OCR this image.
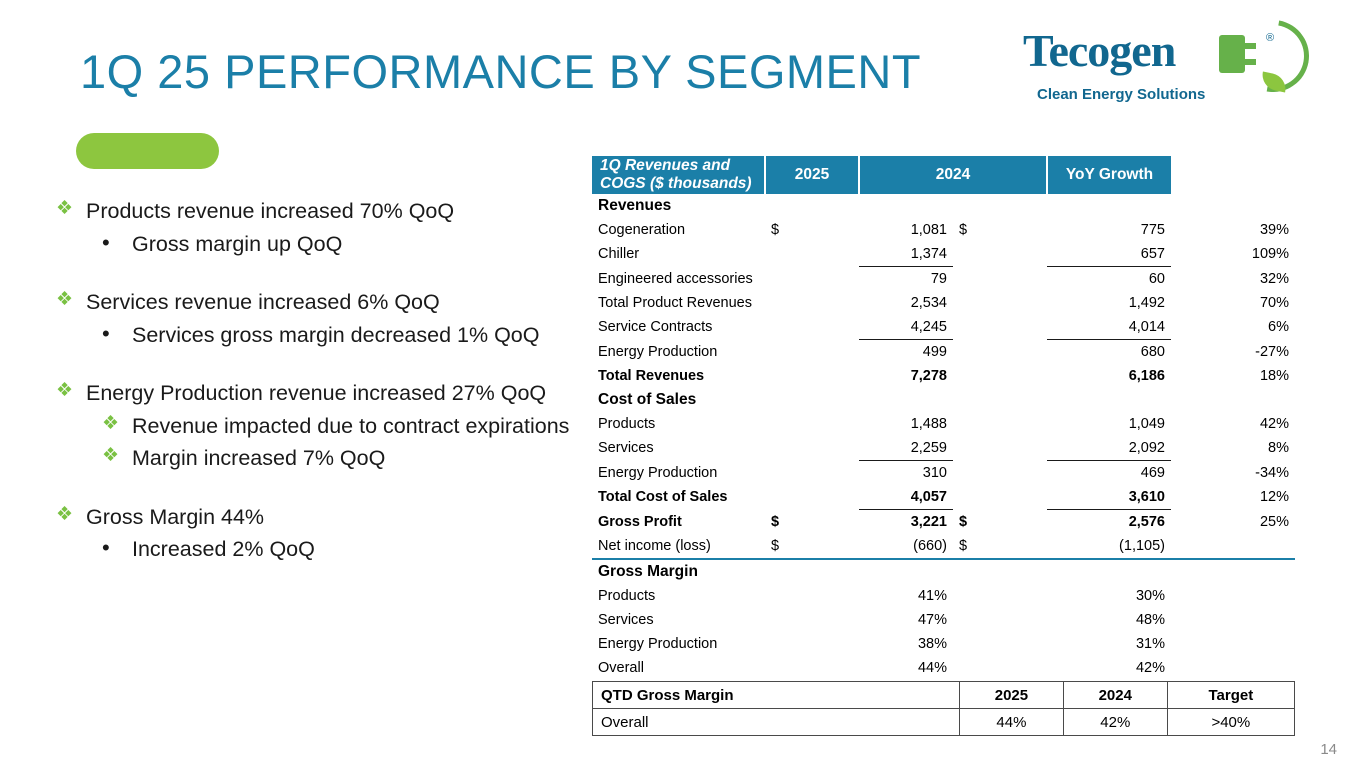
1Q 25 PERFORMANCE BY SEGMENT Tecogen	®
Clean Energy Solutions
❖ Products revenue increased 70% QoQ
•	Gross margin up QoQ
❖ Services revenue increased 6% QoQ
•	Services gross margin decreased 1% QoQ
❖ Energy Production revenue increased 27% QoQ
❖ Revenue impacted due to contract expirations
❖ Margin increased 7% QoQ
❖ Gross Margin 44%
•	Increased 2% QoQ
1Q Revenues and COGS ($ thousands)	2025	2024		YoY Growth	
Revenues					
Cogeneration	$	1,081	$	775	39%
Chiller		1,374		657	109%
Engineered accessories		79		60	32%
Total Product Revenues		2,534		1,492	70%
Service Contracts		4,245		4,014	6%
Energy Production		499		680	-27%
Total Revenues		7,278		6,186	18%
Cost of Sales					
Products		1,488		1,049	42%
Services		2,259		2,092	8%
Energy Production		310		469	-34%
Total Cost of Sales		4,057		3,610	12%
Gross Profit	$	3,221	$	2,576	25%
Net income (loss)	$	(660)	$	(1,105)	
Gross Margin					
Products		41%		30%	
Services		47%		48%	
Energy Production		38%		31%	
Overall		44%		42%	
QTD Gross Margin	2025	2024	Target
Overall	44%	42%	>40%
14
